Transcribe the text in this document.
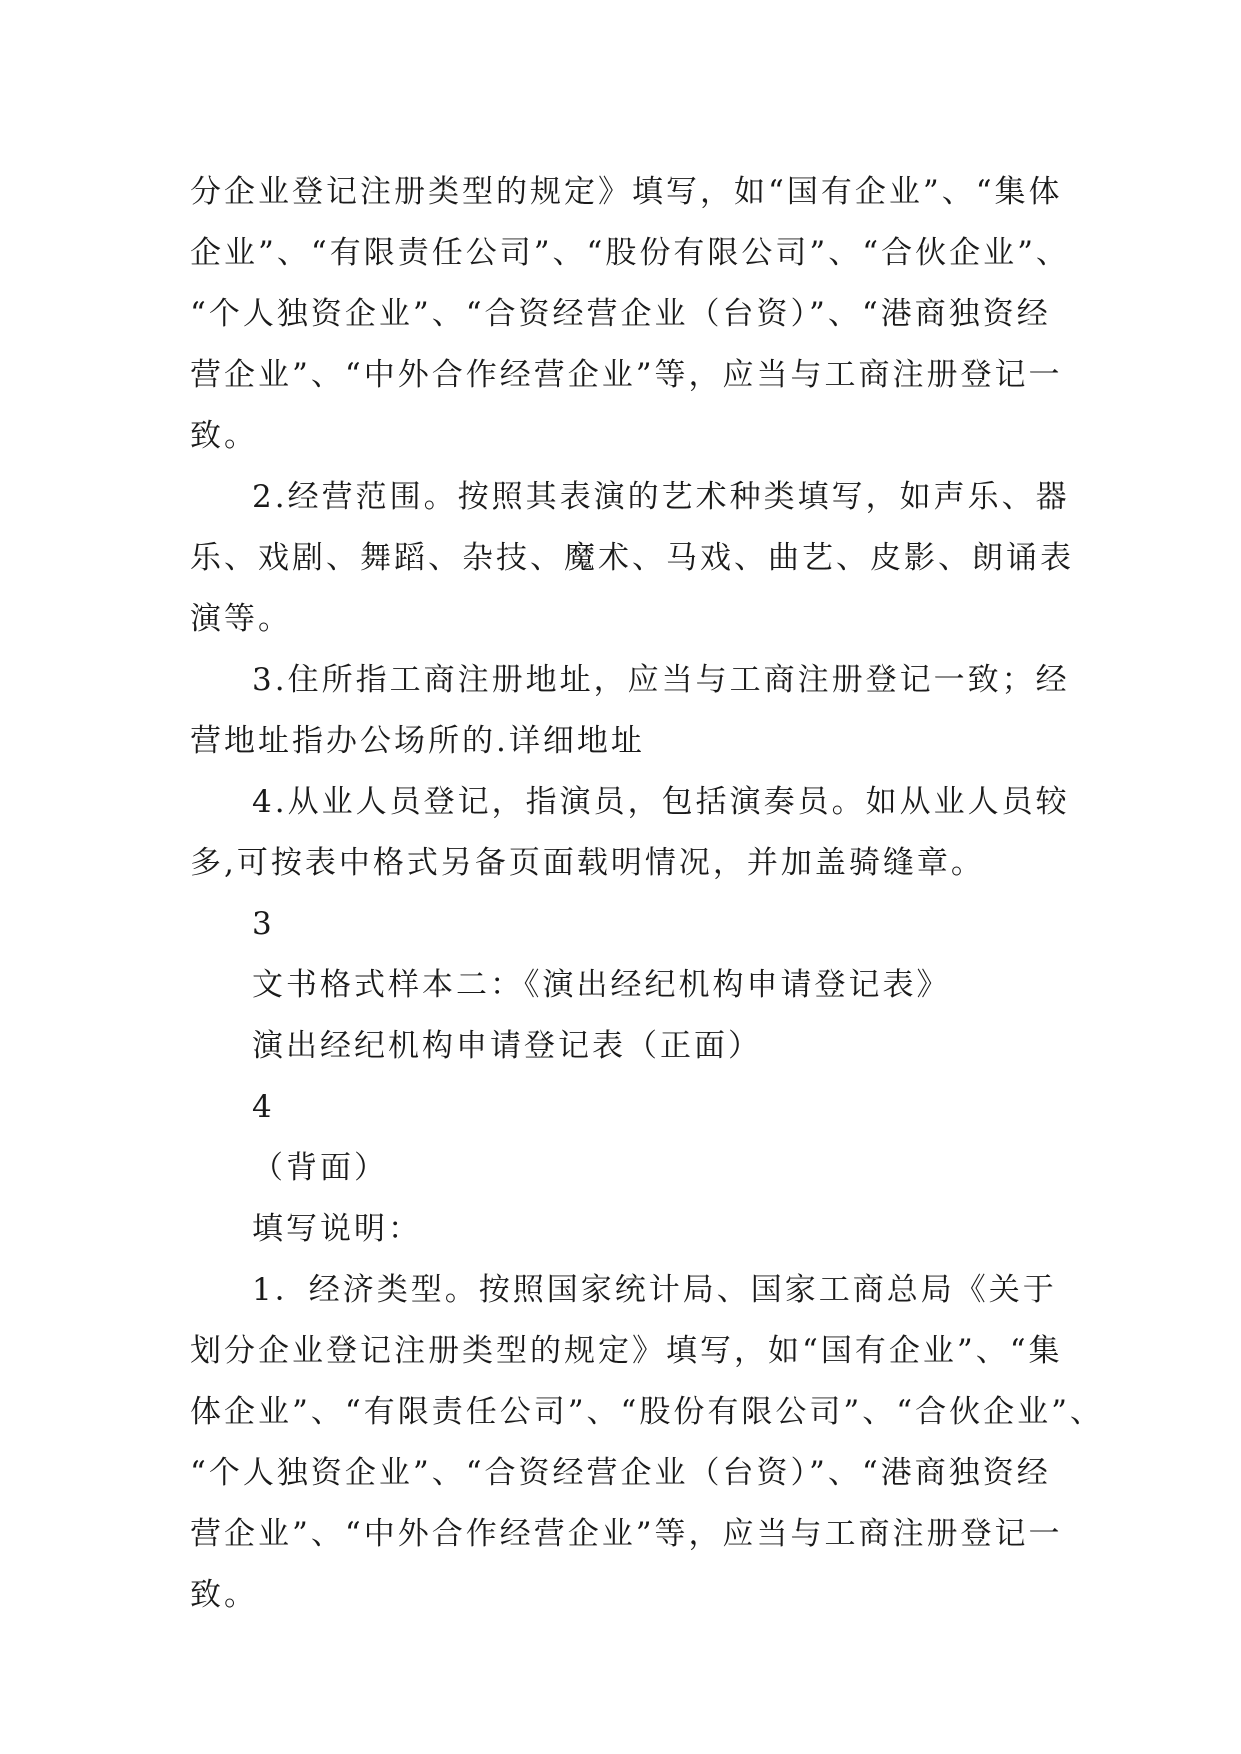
分企业登记注册类型的规定》填写，如“国有企业”、“集体
企业”、“有限责任公司”、“股份有限公司”、“合伙企业”、
“个人独资企业”、“合资经营企业（台资）”、“港商独资经
营企业”、“中外合作经营企业”等，应当与工商注册登记一
致。
2.经营范围。按照其表演的艺术种类填写，如声乐、器
乐、戏剧、舞蹈、杂技、魔术、马戏、曲艺、皮影、朗诵表
演等。
3.住所指工商注册地址，应当与工商注册登记一致；经
营地址指办公场所的.详细地址
4.从业人员登记，指演员，包括演奏员。如从业人员较
多,可按表中格式另备页面载明情况，并加盖骑缝章。
3
文书格式样本二：《演出经纪机构申请登记表》
演出经纪机构申请登记表（正面）
4
（背面）
填写说明：
1．经济类型。按照国家统计局、国家工商总局《关于
划分企业登记注册类型的规定》填写，如“国有企业”、“集
体企业”、“有限责任公司”、“股份有限公司”、“合伙企业”、
“个人独资企业”、“合资经营企业（台资）”、“港商独资经
营企业”、“中外合作经营企业”等，应当与工商注册登记一
致。
